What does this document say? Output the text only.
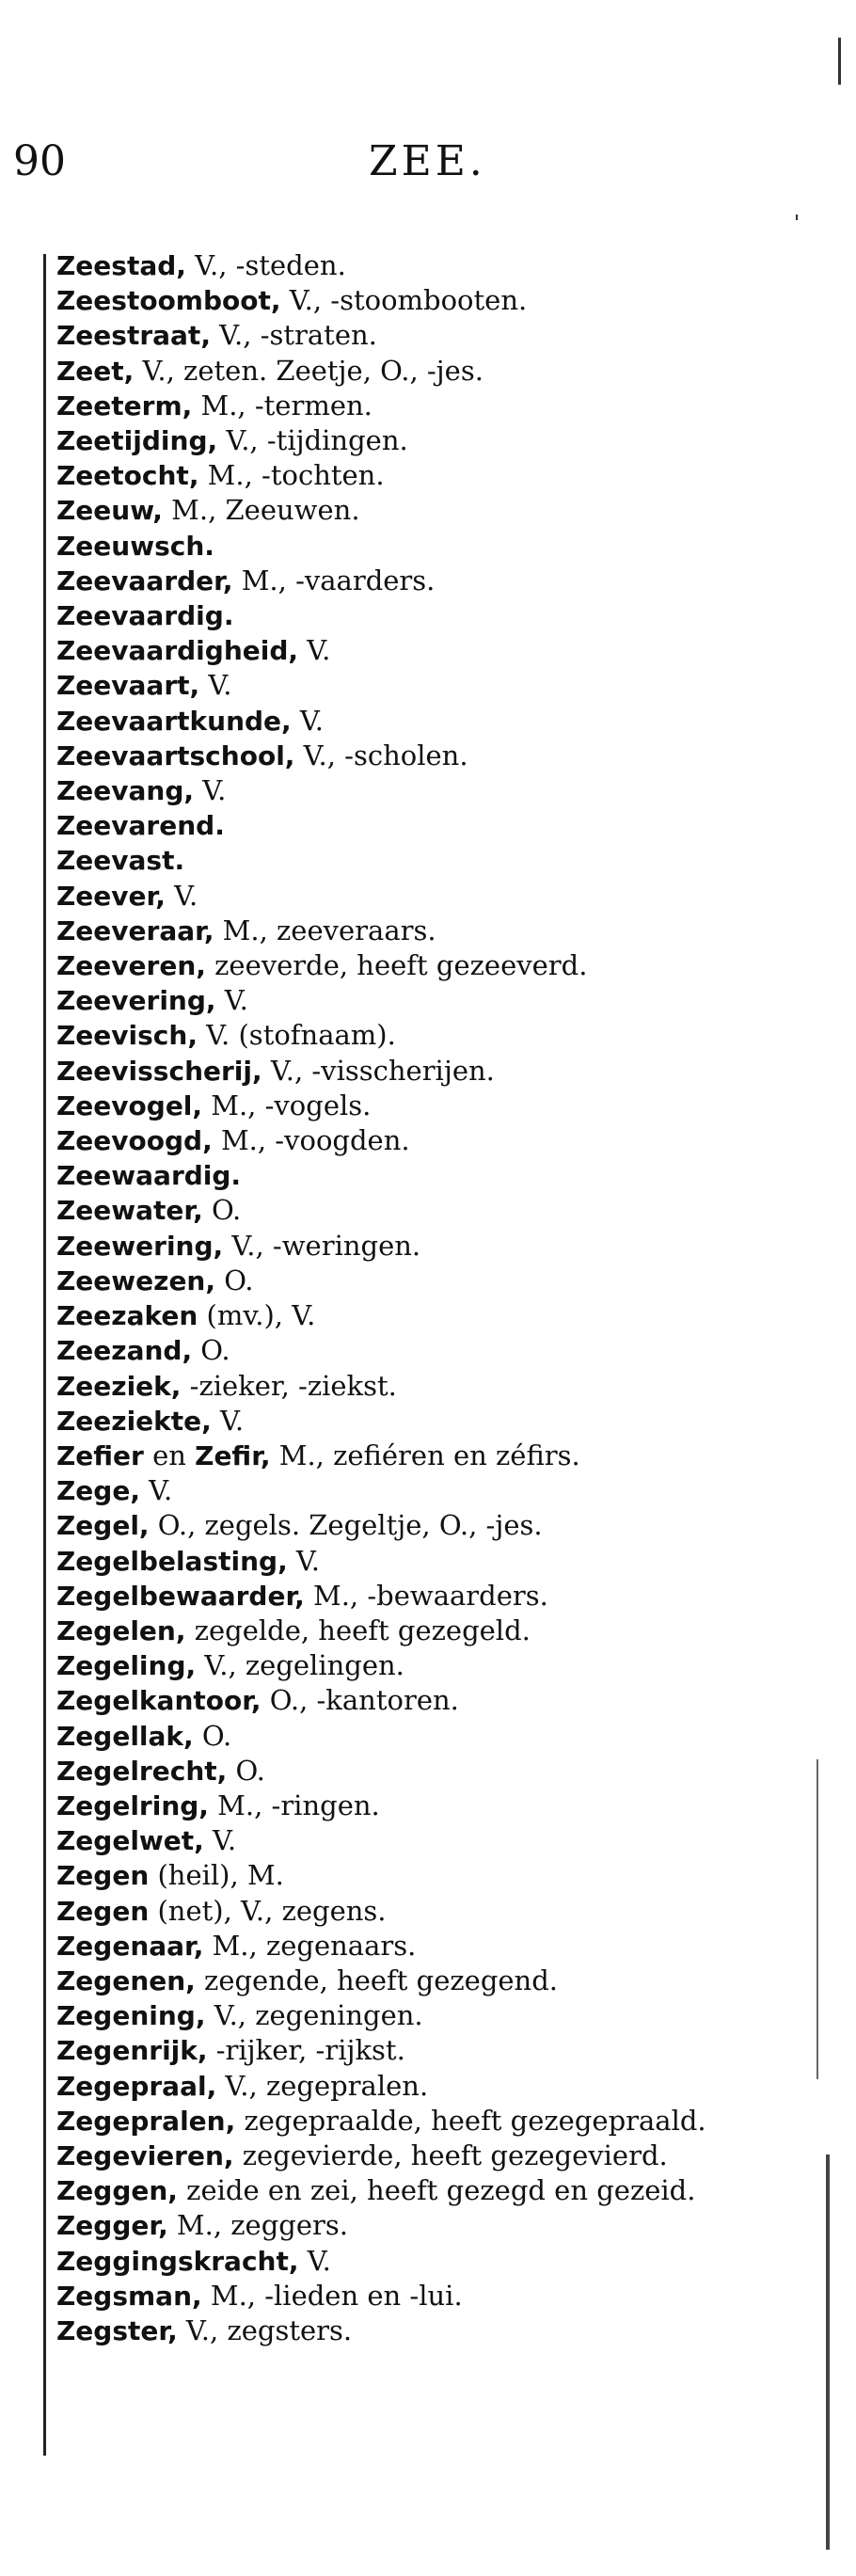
90	ZEE.
Zeestad, V., -steden.
Zeestoomboot, V., -stoombooten.
Zeestraat, V., -straten.
Zeet, V., zeten. Zeetje, O., -jes.
Zeeterm, M., -termen.
Zeetijding, V., -tijdingen.
Zeetocht, M., -tochten.
Zeeuw, M., Zeeuwen.
Zeeuwsch.
Zeevaarder, M., -vaarders.
Zeevaardig.
Zeevaardigheid, V.
Zeevaart, V.
Zeevaartkunde, V.
Zeevaartschool, V., -scholen.
Zeevang, V.
Zeevarend.
Zeevast.
Zeever, V.
Zeeveraar, M., zeeveraars.
Zeeveren, zeeverde, heeft gezeeverd.
Zeevering, V.
Zeevisch, V. (stofnaam).
Zeevisscherij, V., -visscherijen.
Zeevogel, M., -vogels.
Zeevoogd, M., -voogden.
Zeewaardig.
Zeewater, O.
Zeewering, V., -weringen.
Zeewezen, O.
Zeezaken (mv.), V.
Zeezand, O.
Zeeziek, -zieker, -ziekst.
Zeeziekte, V.
Zefier en Zefir, M., zefiéren en zéfirs.
Zege, V.
Zegel, O., zegels. Zegeltje, O., -jes.
Zegelbelasting, V.
Zegelbewaarder, M., -bewaarders.
Zegelen, zegelde, heeft gezegeld.
Zegeling, V., zegelingen.
Zegelkantoor, O., -kantoren.
Zegellak, O.
Zegelrecht, O.
Zegelring, M., -ringen.
Zegelwet, V.
Zegen (heil), M.
Zegen (net), V., zegens.
Zegenaar, M., zegenaars.
Zegenen, zegende, heeft gezegend.
Zegening, V., zegeningen.
Zegenrijk, -rijker, -rijkst.
Zegepraal, V., zegepralen.
Zegepralen, zegepraalde, heeft gezegepraald.
Zegevieren, zegevierde, heeft gezegevierd.
Zeggen, zeide en zei, heeft gezegd en gezeid.
Zegger, M., zeggers.
Zeggingskracht, V.
Zegsman, M., -lieden en -lui.
Zegster, V., zegsters.
